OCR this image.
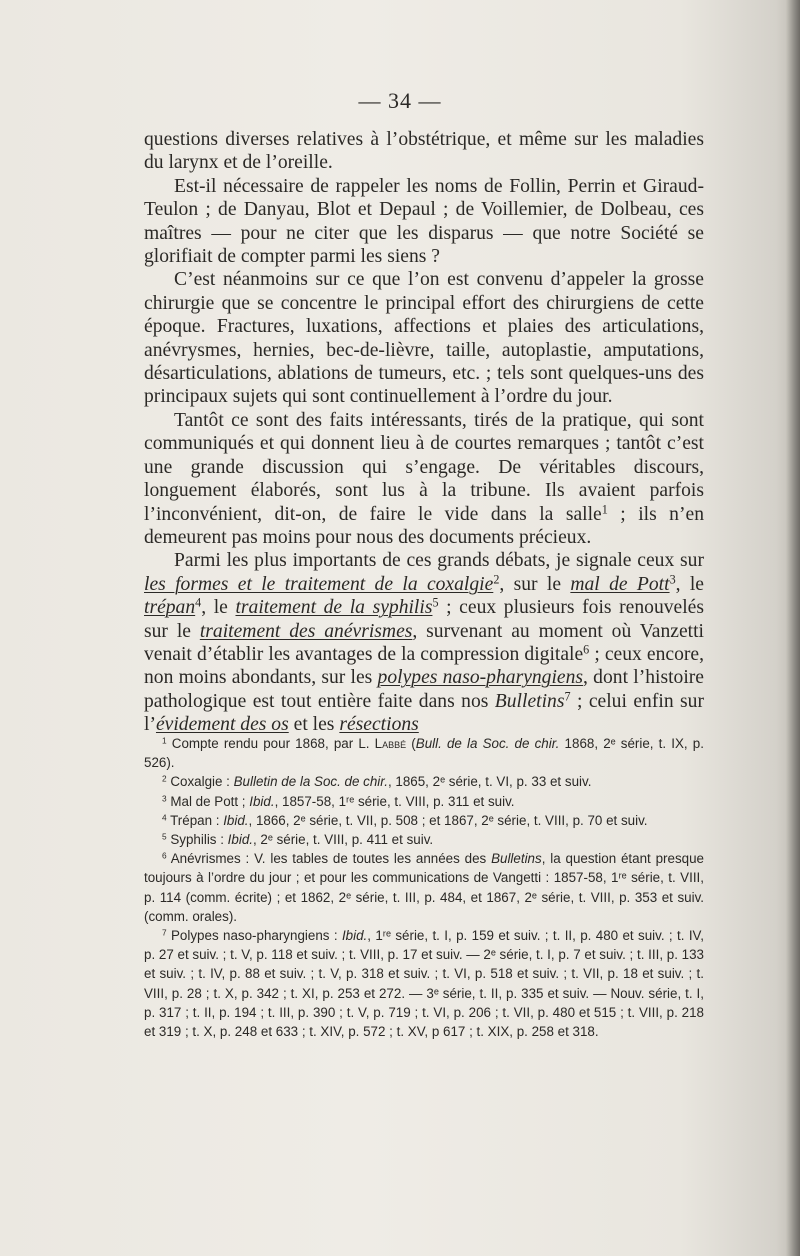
— 34 —

questions diverses relatives à l’obstétrique, et même sur les maladies du larynx et de l’oreille.

Est-il nécessaire de rappeler les noms de Follin, Perrin et Giraud-Teulon ; de Danyau, Blot et Depaul ; de Voillemier, de Dolbeau, ces maîtres — pour ne citer que les disparus — que notre Société se glorifiait de compter parmi les siens ?

C’est néanmoins sur ce que l’on est convenu d’appeler la grosse chirurgie que se concentre le principal effort des chirurgiens de cette époque. Fractures, luxations, affections et plaies des articulations, anévrysmes, hernies, bec-de-lièvre, taille, autoplastie, amputations, désarticulations, ablations de tumeurs, etc. ; tels sont quelques-uns des principaux sujets qui sont continuellement à l’ordre du jour.

Tantôt ce sont des faits intéressants, tirés de la pratique, qui sont communiqués et qui donnent lieu à de courtes remarques ; tantôt c’est une grande discussion qui s’engage. De véritables discours, longuement élaborés, sont lus à la tribune. Ils avaient parfois l’inconvénient, dit-on, de faire le vide dans la salle$^1$ ; ils n’en demeurent pas moins pour nous des documents précieux.

Parmi les plus importants de ces grands débats, je signale ceux sur les formes et le traitement de la coxalgie$^2$, sur le mal de Pott$^3$, le trépan$^4$, le traitement de la syphilis$^5$ ; ceux plusieurs fois renouvelés sur le traitement des anévrismes, survenant au moment où Vanzetti venait d’établir les avantages de la compression digitale$^6$ ; ceux encore, non moins abondants, sur les polypes naso-pharyngiens, dont l’histoire pathologique est tout entière faite dans nos Bulletins$^7$ ; celui enfin sur l’évidement des os et les résections

$^1$ Compte rendu pour 1868, par L. Labbé (Bull. de la Soc. de chir. 1868, 2ᵉ série, t. IX, p. 526).

$^2$ Coxalgie : Bulletin de la Soc. de chir., 1865, 2ᵉ série, t. VI, p. 33 et suiv.

$^3$ Mal de Pott ; Ibid., 1857-58, 1ʳᵉ série, t. VIII, p. 311 et suiv.

$^4$ Trépan : Ibid., 1866, 2ᵉ série, t. VII, p. 508 ; et 1867, 2ᵉ série, t. VIII, p. 70 et suiv.

$^5$ Syphilis : Ibid., 2ᵉ série, t. VIII, p. 411 et suiv.

$^6$ Anévrismes : V. les tables de toutes les années des Bulletins, la question étant presque toujours à l’ordre du jour ; et pour les communications de Vangetti : 1857-58, 1ʳᵉ série, t. VIII, p. 114 (comm. écrite) ; et 1862, 2ᵉ série, t. III, p. 484, et 1867, 2ᵉ série, t. VIII, p. 353 et suiv. (comm. orales).

$^7$ Polypes naso-pharyngiens : Ibid., 1ʳᵉ série, t. I, p. 159 et suiv. ; t. II, p. 480 et suiv. ; t. IV, p. 27 et suiv. ; t. V, p. 118 et suiv. ; t. VIII, p. 17 et suiv. — 2ᵉ série, t. I, p. 7 et suiv. ; t. III, p. 133 et suiv. ; t. IV, p. 88 et suiv. ; t. V, p. 318 et suiv. ; t. VI, p. 518 et suiv. ; t. VII, p. 18 et suiv. ; t. VIII, p. 28 ; t. X, p. 342 ; t. XI, p. 253 et 272. — 3ᵉ série, t. II, p. 335 et suiv. — Nouv. série, t. I, p. 317 ; t. II, p. 194 ; t. III, p. 390 ; t. V, p. 719 ; t. VI, p. 206 ; t. VII, p. 480 et 515 ; t. VIII, p. 218 et 319 ; t. X, p. 248 et 633 ; t. XIV, p. 572 ; t. XV, p 617 ; t. XIX, p. 258 et 318.
